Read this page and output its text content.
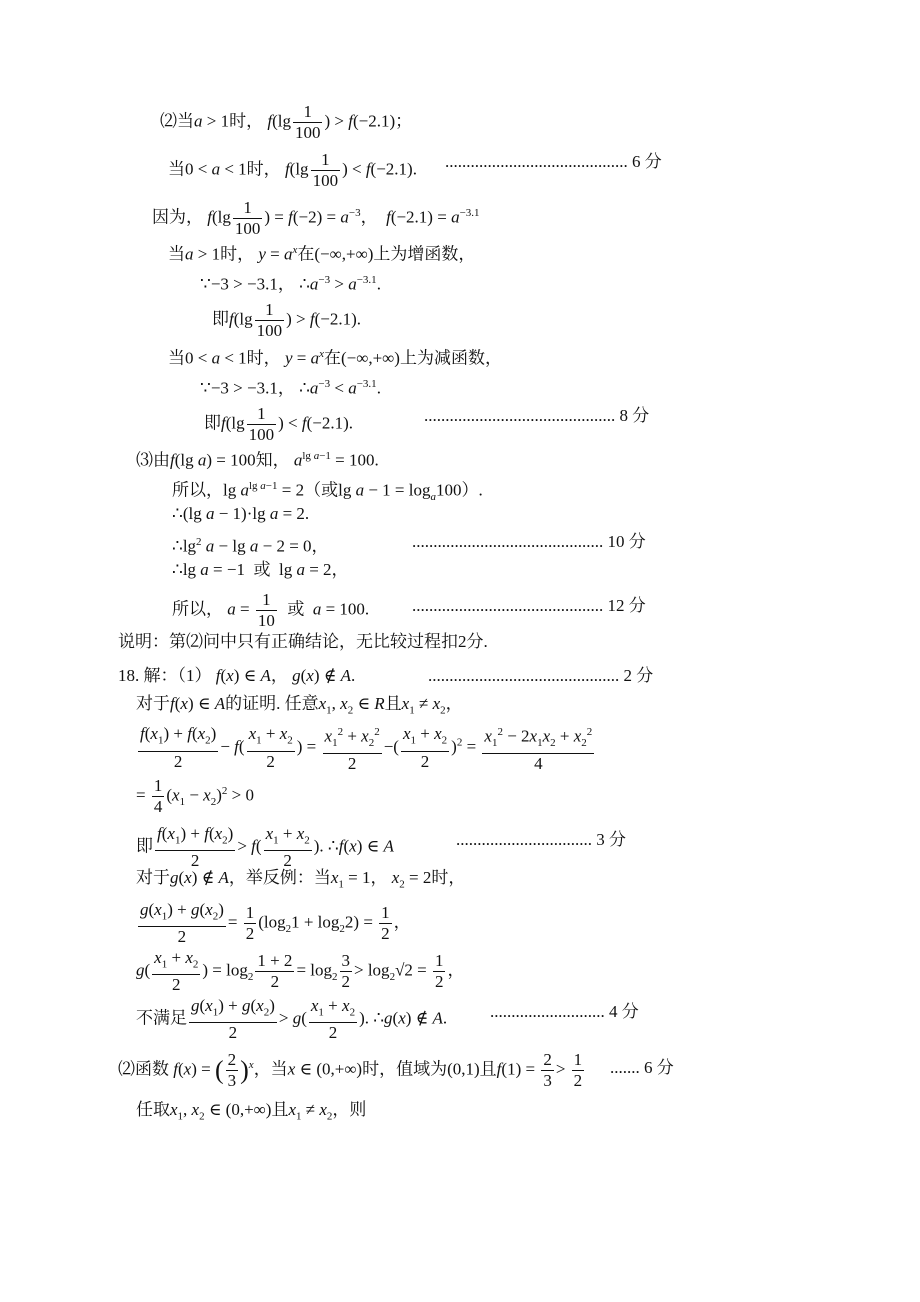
⑵当a > 1时， $f(\lg \frac{1}{100}$ ) > f(−2.1)；
当0 < a < 1时， $f(\lg \frac{1}{100}$ ) < f(−2.1). ........................................... 6 分
因为， $f(\lg \frac{1}{100}$ ) = $f(-2) = a^{-3}$，  $f(-2.1) = a^{-3.1}$
当a > 1时， $y = a^x$在(−∞,+∞)上为增函数，
∵−3 > −3.1， $\therefore a^{-3} > a^{-3.1}$.
即$f(\lg \frac{1}{100}$ ) > f(−2.1).
当0 < a < 1时， $y = a^x$在(−∞,+∞)上为减函数，
∵−3 > −3.1， $\therefore a^{-3} < a^{-3.1}$.
即$f(\lg \frac{1}{100}$ ) < f(−2.1).	............................................. 8 分
⑶由f(lg a) = 100知， $a^{lg a-1} = 100$.
所以，$\lg a^{lg a-1} = 2$（或$\lg a - 1 = \log_a100$）.
∴(lg a − 1)·lg a = 2.
$\therefore\lg^2$ a − lg a − 2 = 0，	............................................. 10 分
∴lg a = −1  或  lg a = 2，
所以， $a = \frac{1}{10}$ 或  a = 100.	............................................. 12 分
说明：第⑵问中只有正确结论，无比较过程扣2分.
18. 解：（1） f(x) ∈ A， g(x) ∉ A.	............................................. 2 分
对于f(x) ∈ A的证明. 任意$x_1$, $x_2$ ∈ R且$x_1 \ne x_2$，
$\frac{f(x_1) + f(x_2)}{2} - f( \frac{x_1 + x_2}{2}$ ) = $\frac{x_1^2 + x_2^2}{2}$ −( $\frac{x_1 + x_2}{2} )^2 = \frac{x_1^2 - 2x_1x_2 + x_2^2}{4}$
= $\frac{1}{4} (x_1 - x_2)^2 > 0$
即 $\frac{f(x_1) + f(x_2)}{2} > f( \frac{x_1 + x_2}{2}$ ). ∴f(x) ∈ A	................................ 3 分
对于g(x) ∉ A，举反例：当$x_1 = 1$， $x_2 = 2$时，
$\frac{g(x_1) + g(x_2)}{2} = \frac{1}{2} (\log_21 + \log_22) = \frac{1}{2}$ ，
$g( \frac{x_1 + x_2}{2}$ ) = $\log_2 \frac{1 + 2}{2} = \log_2 \frac{3}{2} > \log_2√2 = \frac{1}{2}$ ，
不满足 $\frac{g(x_1) + g(x_2)}{2} > g( \frac{x_1 + x_2}{2}$ ). ∴g(x) ∉ A.	........................... 4 分
⑵函数 f(x) = ( $\frac{2}{3} )^x$，当x ∈ (0,+∞)时，值域为(0,1)且$f(1) = \frac{2}{3} > \frac{1}{2}$ ....... 6 分
任取$x_1$, $x_2$ ∈ (0,+∞)且$x_1 \ne x_2$，则
